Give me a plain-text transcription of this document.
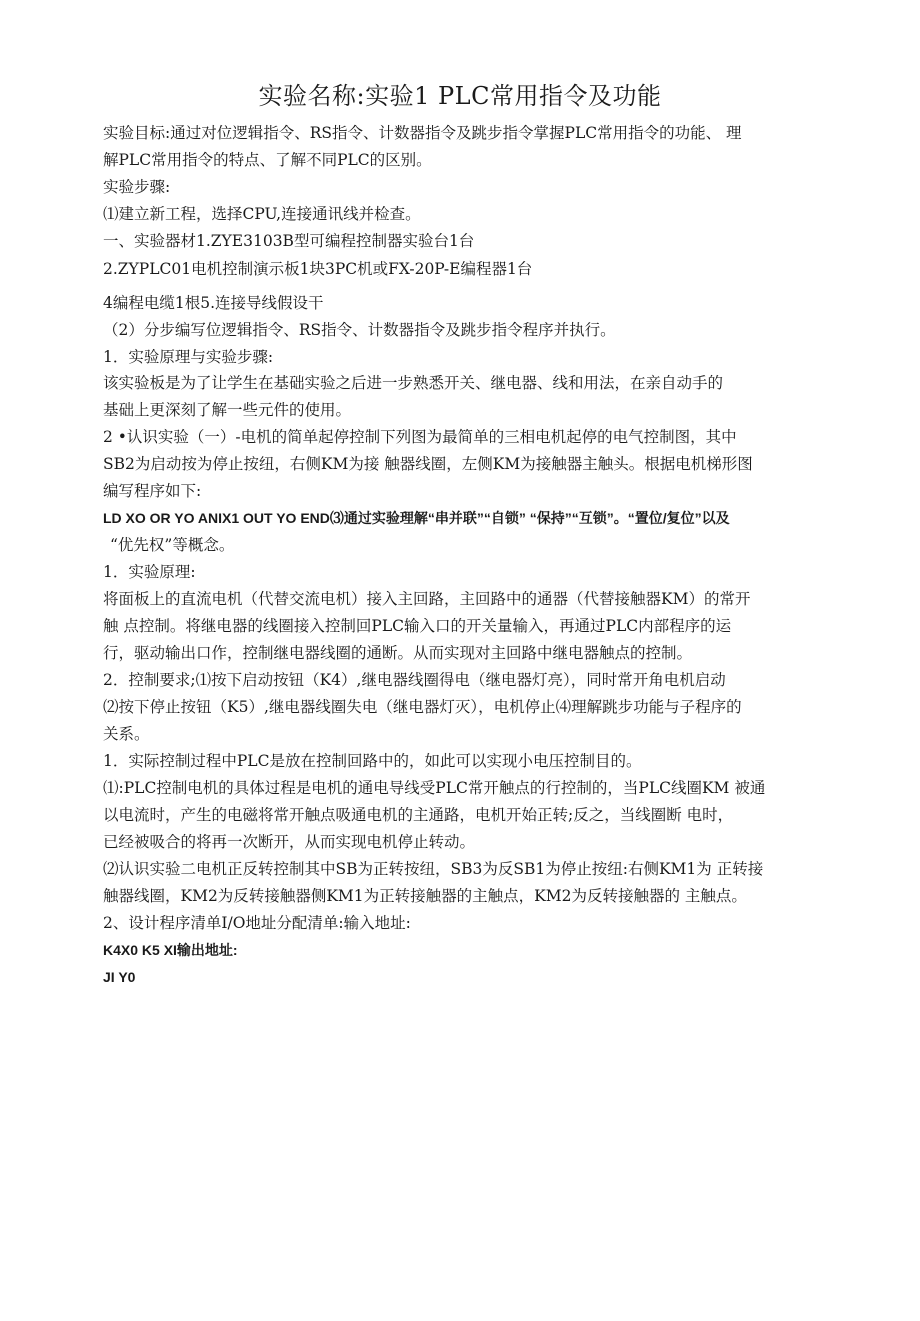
实验名称:实验1 PLC常用指令及功能
实验目标:通过对位逻辑指令、RS指令、计数器指令及跳步指令掌握PLC常用指令的功能、 理
解PLC常用指令的特点、了解不同PLC的区别。
实验步骤:
⑴建立新工程，选择CPU,连接通讯线并检查。
一、实验器材1.ZYE3103B型可编程控制器实验台1台
2.ZYPLC01电机控制演示板1块3PC机或FX-20P-E编程器1台
4编程电缆1根5.连接导线假设干
（2）分步编写位逻辑指令、RS指令、计数器指令及跳步指令程序并执行。
1．实验原理与实验步骤:
该实验板是为了让学生在基础实验之后进一步熟悉开关、继电器、线和用法，在亲自动手的
基础上更深刻了解一些元件的使用。
2 •认识实验（一）-电机的简单起停控制下列图为最简单的三相电机起停的电气控制图，其中
SB2为启动按为停止按纽，右侧KM为接 触器线圈，左侧KM为接触器主触头。根据电机梯形图
编写程序如下:
LD XO OR YO ANIX1 OUT YO END⑶通过实验理解“串并联”“自锁” “保持”“互锁”。“置位/复位”以及
“优先权”等概念。
1．实验原理:
将面板上的直流电机（代替交流电机）接入主回路，主回路中的通器（代替接触器KM）的常开
触 点控制。将继电器的线圈接入控制回PLC输入口的开关量输入，再通过PLC内部程序的运
行，驱动输出口作，控制继电器线圈的通断。从而实现对主回路中继电器触点的控制。
2．控制要求;⑴按下启动按钮（K4）,继电器线圈得电（继电器灯亮），同时常开角电机启动
⑵按下停止按钮（K5）,继电器线圈失电（继电器灯灭），电机停止⑷理解跳步功能与子程序的
关系。
1．实际控制过程中PLC是放在控制回路中的，如此可以实现小电压控制目的。
⑴:PLC控制电机的具体过程是电机的通电导线受PLC常开触点的行控制的，当PLC线圈KM 被通
以电流时，产生的电磁将常开触点吸通电机的主通路，电机开始正转;反之，当线圈断 电时，
已经被吸合的将再一次断开，从而实现电机停止转动。
⑵认识实验二电机正反转控制其中SB为正转按纽，SB3为反SB1为停止按纽:右侧KM1为 正转接
触器线圈，KM2为反转接触器侧KM1为正转接触器的主触点，KM2为反转接触器的 主触点。
2、设计程序清单I/O地址分配清单:输入地址:
K4X0 K5 XI输出地址:
JI Y0
